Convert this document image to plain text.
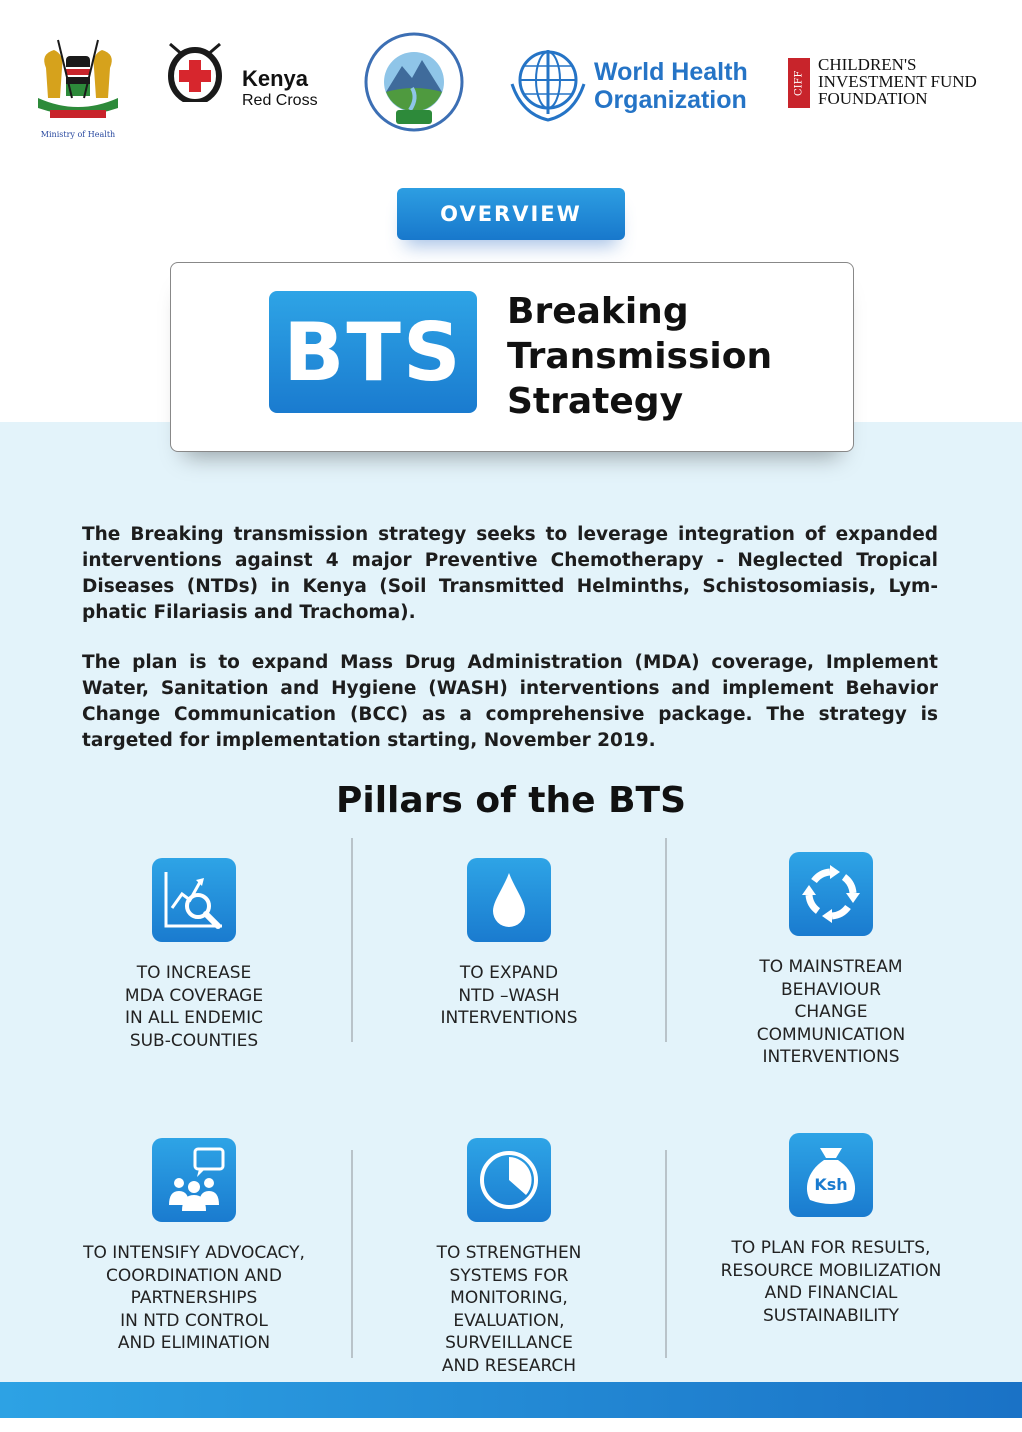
Ministry of Health
Kenya
Red Cross
World Health
Organization
CIFF
CHILDREN'S
INVESTMENT FUND
FOUNDATION
OVERVIEW
BTS	Breaking
Transmission
Strategy

The Breaking transmission strategy seeks to leverage integration of expanded interventions against 4 major Preventive Chemotherapy - Neglected Tropical Diseases (NTDs) in Kenya (Soil Transmitted Helminths, Schistosomiasis, Lym-phatic Filariasis and Trachoma).

The plan is to expand Mass Drug Administration (MDA) coverage, Implement Water, Sanitation and Hygiene (WASH) interventions and implement Behavior Change Communication (BCC) as a comprehensive package. The strategy is targeted for implementation starting, November 2019.

Pillars of the BTS
TO INCREASE
MDA COVERAGE
IN ALL ENDEMIC
SUB-COUNTIES
TO EXPAND
NTD –WASH
INTERVENTIONS
TO MAINSTREAM
BEHAVIOUR
CHANGE
COMMUNICATION
INTERVENTIONS
TO INTENSIFY ADVOCACY,
COORDINATION AND
PARTNERSHIPS
IN NTD CONTROL
AND ELIMINATION
TO STRENGTHEN
SYSTEMS FOR
MONITORING,
EVALUATION,
SURVEILLANCE
AND RESEARCH
Ksh
TO PLAN FOR RESULTS,
RESOURCE MOBILIZATION
AND FINANCIAL
SUSTAINABILITY
